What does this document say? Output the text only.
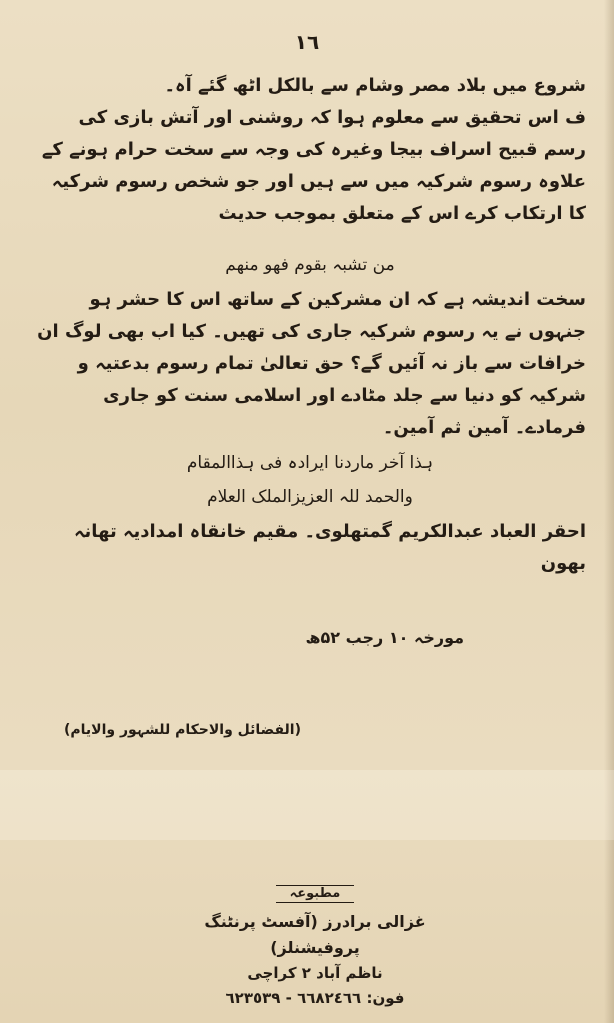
١٦

شروع میں بلاد مصر وشام سے بالکل اٹھ گئے آہ۔

ف اس تحقیق سے معلوم ہوا کہ روشنی اور آتش بازی کی رسم قبیح اسراف بیجا وغیرہ کی وجہ سے سخت حرام ہونے کے علاوہ رسوم شرکیہ میں سے ہیں اور جو شخص رسوم شرکیہ کا ارتکاب کرے اس کے متعلق بموجب حدیث

من تشبہ بقوم فهو منهم

سخت اندیشہ ہے کہ ان مشرکین کے ساتھ اس کا حشر ہو جنہوں نے یہ رسوم شرکیہ جاری کی تھیں۔ کیا اب بھی لوگ ان خرافات سے باز نہ آئیں گے؟ حق تعالیٰ تمام رسوم بدعتیہ و شرکیہ کو دنیا سے جلد مٹادے اور اسلامی سنت کو جاری فرمادے۔ آمین ثم آمین۔

ہذا آخر ماردنا ایرادہ فی ہذاالمقام

والحمد للہ العزیزالملک العلام

احقر العباد عبدالکریم گمتھلوی۔ مقیم خانقاہ امدادیہ تھانہ بھون

مورخہ ١٠ رجب ۵۲ھ
(الفضائل والاحکام للشہور والایام)
مطبوعہ
غزالی برادرز (آفسٹ پرنٹنگ پروفیشنلز)
ناظم آباد ۲ کراچی
فون: ٦٦٨٢٤٦٦ - ٦٢٣٥٣٩
